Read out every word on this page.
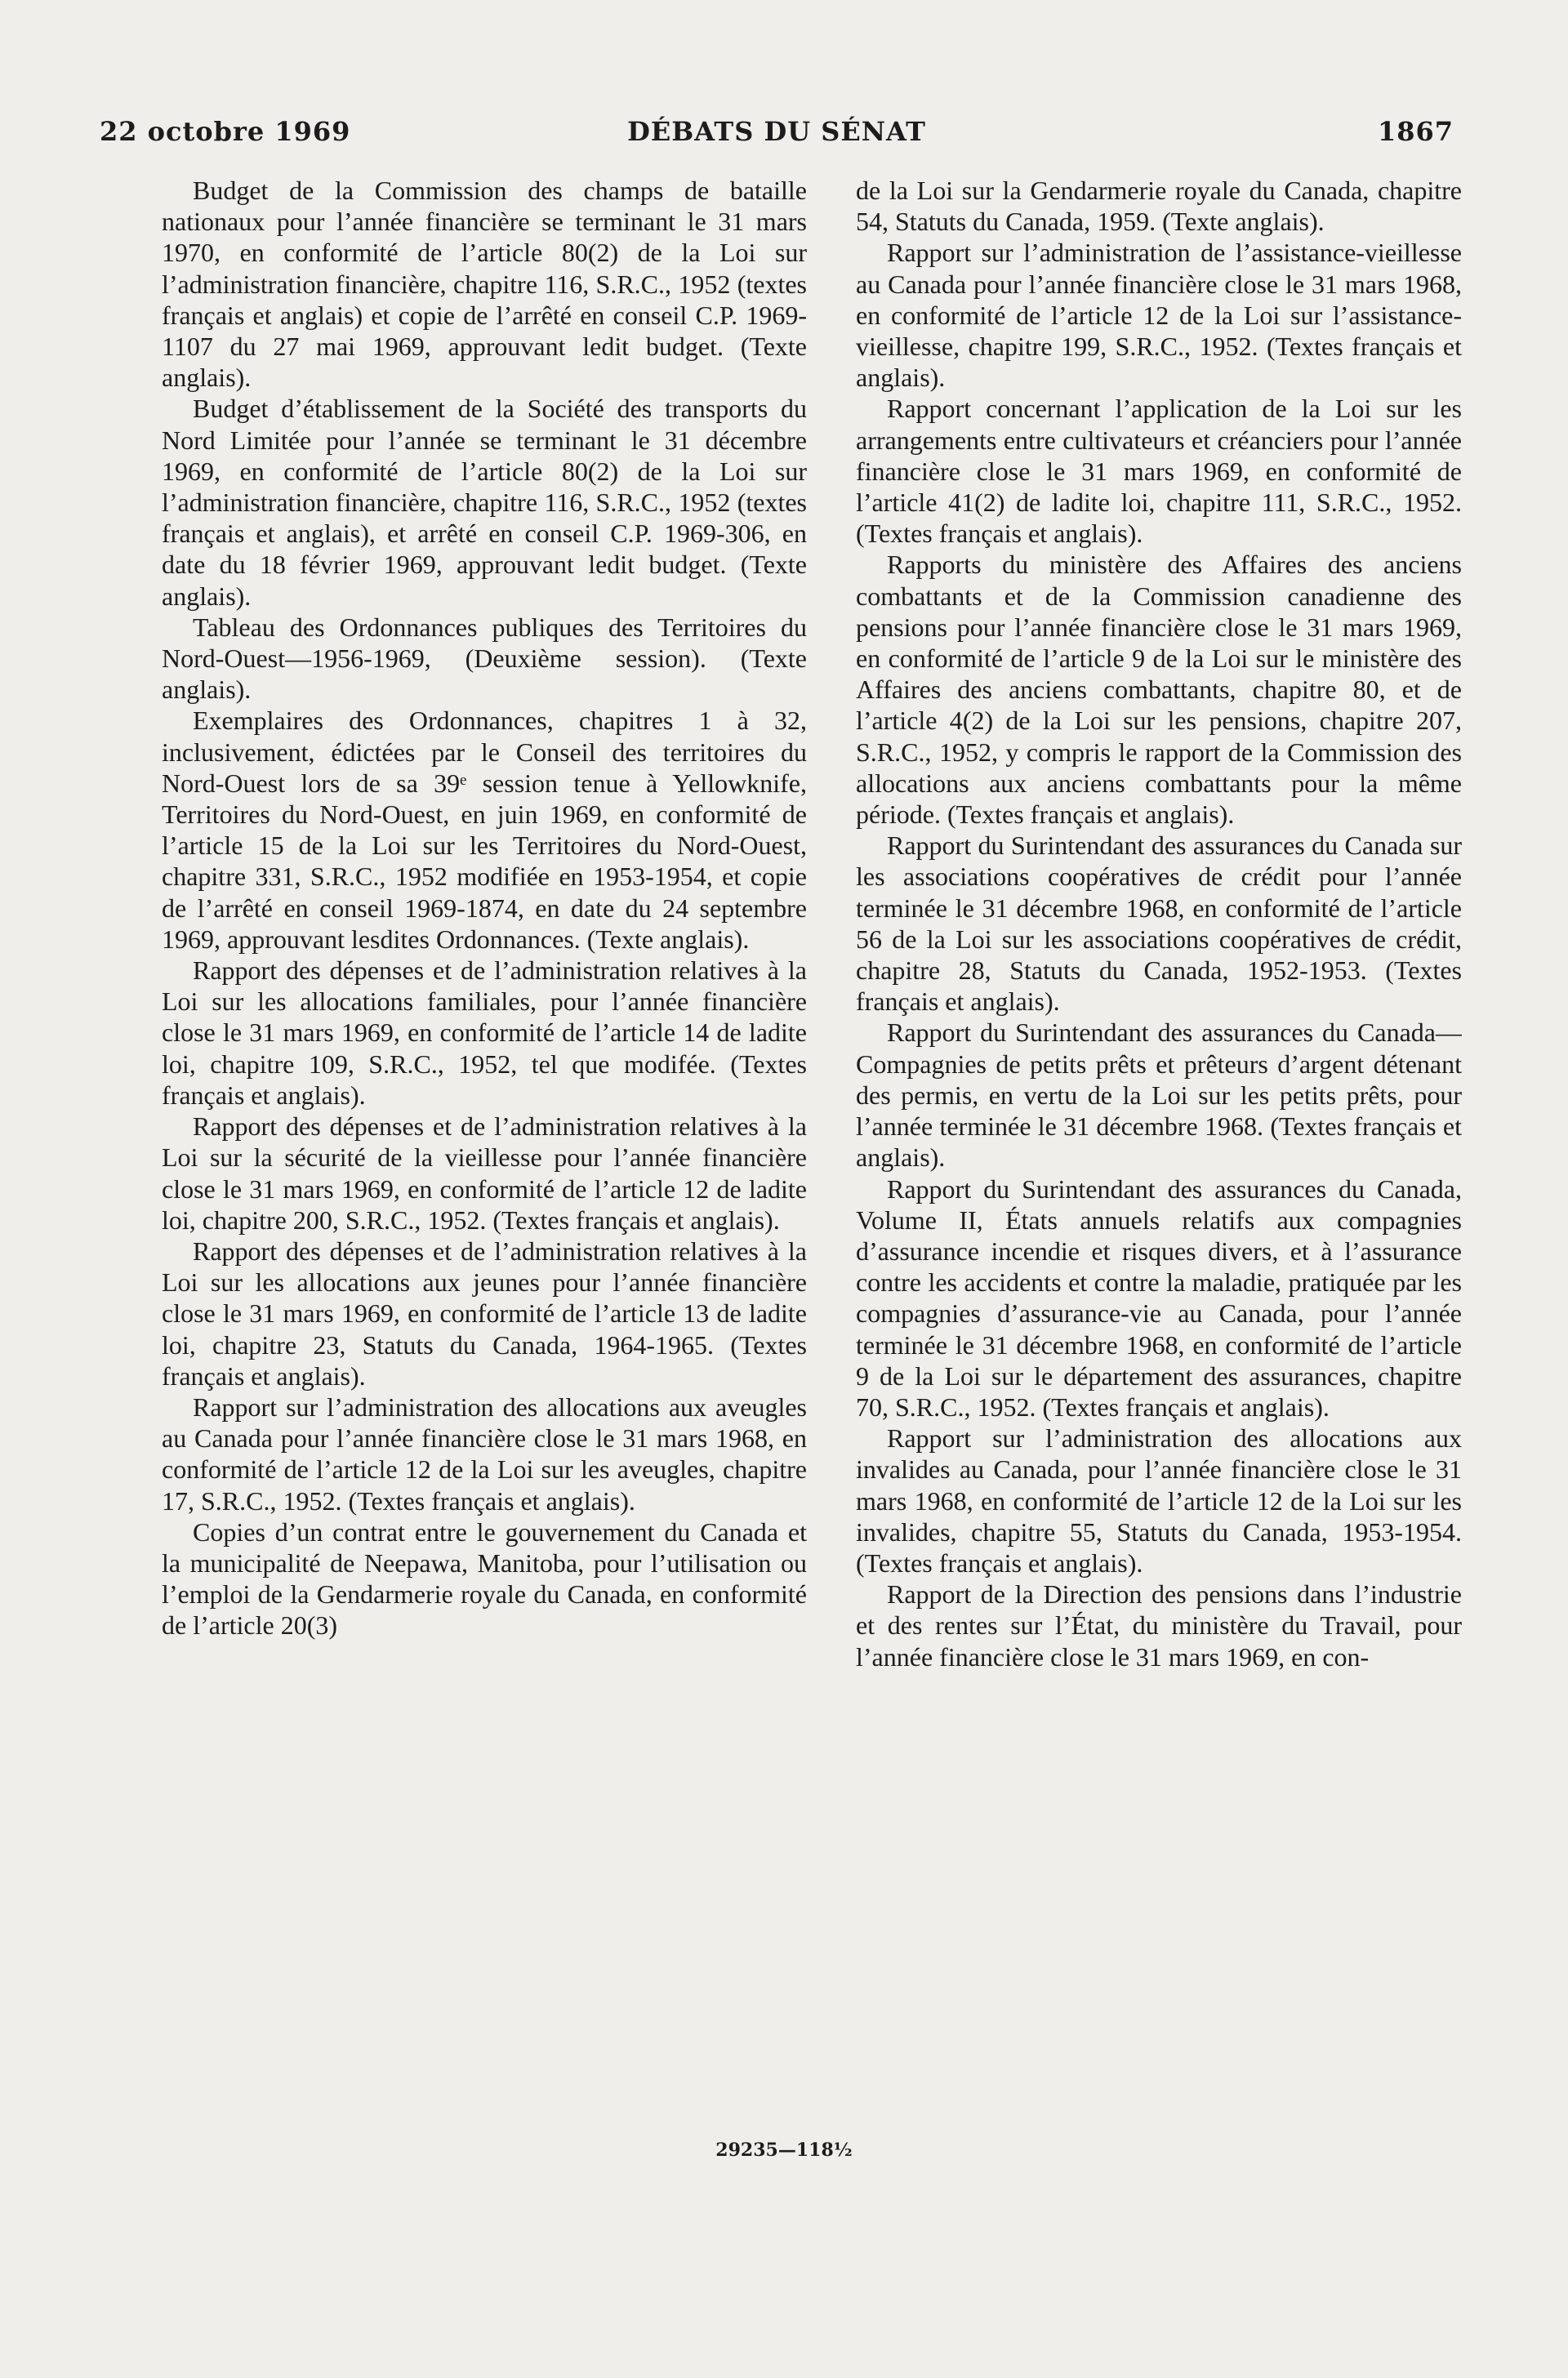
22 octobre 1969	DÉBATS DU SÉNAT	1867

Budget de la Commission des champs de bataille nationaux pour l’année financière se terminant le 31 mars 1970, en conformité de l’article 80(2) de la Loi sur l’administration financière, chapitre 116, S.R.C., 1952 (textes français et anglais) et copie de l’arrêté en conseil C.P. 1969-1107 du 27 mai 1969, approuvant ledit budget. (Texte anglais).

Budget d’établissement de la Société des transports du Nord Limitée pour l’année se terminant le 31 décembre 1969, en conformité de l’article 80(2) de la Loi sur l’administration financière, chapitre 116, S.R.C., 1952 (textes français et anglais), et arrêté en conseil C.P. 1969-306, en date du 18 février 1969, approuvant ledit budget. (Texte anglais).

Tableau des Ordonnances publiques des Territoires du Nord-Ouest—1956-1969, (Deuxième session). (Texte anglais).

Exemplaires des Ordonnances, chapitres 1 à 32, inclusivement, édictées par le Conseil des territoires du Nord-Ouest lors de sa 39ᵉ session tenue à Yellowknife, Territoires du Nord-Ouest, en juin 1969, en conformité de l’article 15 de la Loi sur les Territoires du Nord-Ouest, chapitre 331, S.R.C., 1952 modifiée en 1953-1954, et copie de l’arrêté en conseil 1969-1874, en date du 24 septembre 1969, approuvant lesdites Ordonnances. (Texte anglais).

Rapport des dépenses et de l’administration relatives à la Loi sur les allocations familiales, pour l’année financière close le 31 mars 1969, en conformité de l’article 14 de ladite loi, chapitre 109, S.R.C., 1952, tel que modifée. (Textes français et anglais).

Rapport des dépenses et de l’administration relatives à la Loi sur la sécurité de la vieillesse pour l’année financière close le 31 mars 1969, en conformité de l’article 12 de ladite loi, chapitre 200, S.R.C., 1952. (Textes français et anglais).

Rapport des dépenses et de l’administration relatives à la Loi sur les allocations aux jeunes pour l’année financière close le 31 mars 1969, en conformité de l’article 13 de ladite loi, chapitre 23, Statuts du Canada, 1964-1965. (Textes français et anglais).

Rapport sur l’administration des allocations aux aveugles au Canada pour l’année financière close le 31 mars 1968, en conformité de l’article 12 de la Loi sur les aveugles, chapitre 17, S.R.C., 1952. (Textes français et anglais).

Copies d’un contrat entre le gouvernement du Canada et la municipalité de Neepawa, Manitoba, pour l’utilisation ou l’emploi de la Gendarmerie royale du Canada, en conformité de l’article 20(3)

de la Loi sur la Gendarmerie royale du Canada, chapitre 54, Statuts du Canada, 1959. (Texte anglais).

Rapport sur l’administration de l’assistance-vieillesse au Canada pour l’année financière close le 31 mars 1968, en conformité de l’article 12 de la Loi sur l’assistance-vieillesse, chapitre 199, S.R.C., 1952. (Textes français et anglais).

Rapport concernant l’application de la Loi sur les arrangements entre cultivateurs et créanciers pour l’année financière close le 31 mars 1969, en conformité de l’article 41(2) de ladite loi, chapitre 111, S.R.C., 1952. (Textes français et anglais).

Rapports du ministère des Affaires des anciens combattants et de la Commission canadienne des pensions pour l’année financière close le 31 mars 1969, en conformité de l’article 9 de la Loi sur le ministère des Affaires des anciens combattants, chapitre 80, et de l’article 4(2) de la Loi sur les pensions, chapitre 207, S.R.C., 1952, y compris le rapport de la Commission des allocations aux anciens combattants pour la même période. (Textes français et anglais).

Rapport du Surintendant des assurances du Canada sur les associations coopératives de crédit pour l’année terminée le 31 décembre 1968, en conformité de l’article 56 de la Loi sur les associations coopératives de crédit, chapitre 28, Statuts du Canada, 1952-1953. (Textes français et anglais).

Rapport du Surintendant des assurances du Canada—Compagnies de petits prêts et prêteurs d’argent détenant des permis, en vertu de la Loi sur les petits prêts, pour l’année terminée le 31 décembre 1968. (Textes français et anglais).

Rapport du Surintendant des assurances du Canada, Volume II, États annuels relatifs aux compagnies d’assurance incendie et risques divers, et à l’assurance contre les accidents et contre la maladie, pratiquée par les compagnies d’assurance-vie au Canada, pour l’année terminée le 31 décembre 1968, en conformité de l’article 9 de la Loi sur le département des assurances, chapitre 70, S.R.C., 1952. (Textes français et anglais).

Rapport sur l’administration des allocations aux invalides au Canada, pour l’année financière close le 31 mars 1968, en conformité de l’article 12 de la Loi sur les invalides, chapitre 55, Statuts du Canada, 1953-1954. (Textes français et anglais).

Rapport de la Direction des pensions dans l’industrie et des rentes sur l’État, du ministère du Travail, pour l’année financière close le 31 mars 1969, en con-

29235—118½
